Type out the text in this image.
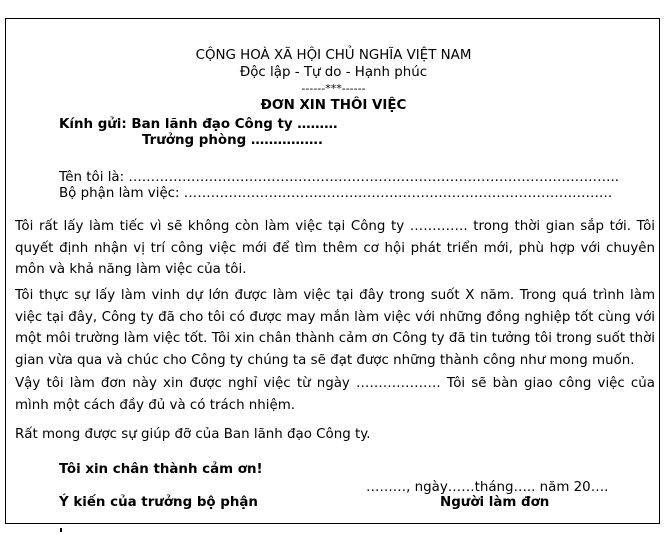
CỘNG HOÀ XÃ HỘI CHỦ NGHĨA VIỆT NAM
Độc lập - Tự do - Hạnh phúc
------***------
ĐƠN XIN THÔI VIỆC
Kính gửi: Ban lãnh đạo Công ty ………
Trưởng phòng …………….
Tên tôi là: ………………………………………………………………………………………………..
Bộ phận làm việc: ……………………………………………………………………………………
Tôi rất lấy làm tiếc vì sẽ không còn làm việc tại Công ty …………. trong thời gian sắp tới. Tôi quyết định nhận vị trí công việc mới để tìm thêm cơ hội phát triển mới, phù hợp với chuyên môn và khả năng làm việc của tôi.
Tôi thực sự lấy làm vinh dự lớn được làm việc tại đây trong suốt X năm. Trong quá trình làm việc tại đây, Công ty đã cho tôi có được may mắn làm việc với những đồng nghiệp tốt cùng với một môi trường làm việc tốt. Tôi xin chân thành cảm ơn Công ty đã tin tưởng tôi trong suốt thời gian vừa qua và chúc cho Công ty chúng ta sẽ đạt được những thành công như mong muốn.
Vậy tôi làm đơn này xin được nghỉ việc từ ngày ………………. Tôi sẽ bàn giao công việc của mình một cách đầy đủ và có trách nhiệm.
Rất mong được sự giúp đỡ của Ban lãnh đạo Công ty.
Tôi xin chân thành cảm ơn!
………, ngày……tháng….. năm 20….
Ý kiến của trưởng bộ phận	Người làm đơn
